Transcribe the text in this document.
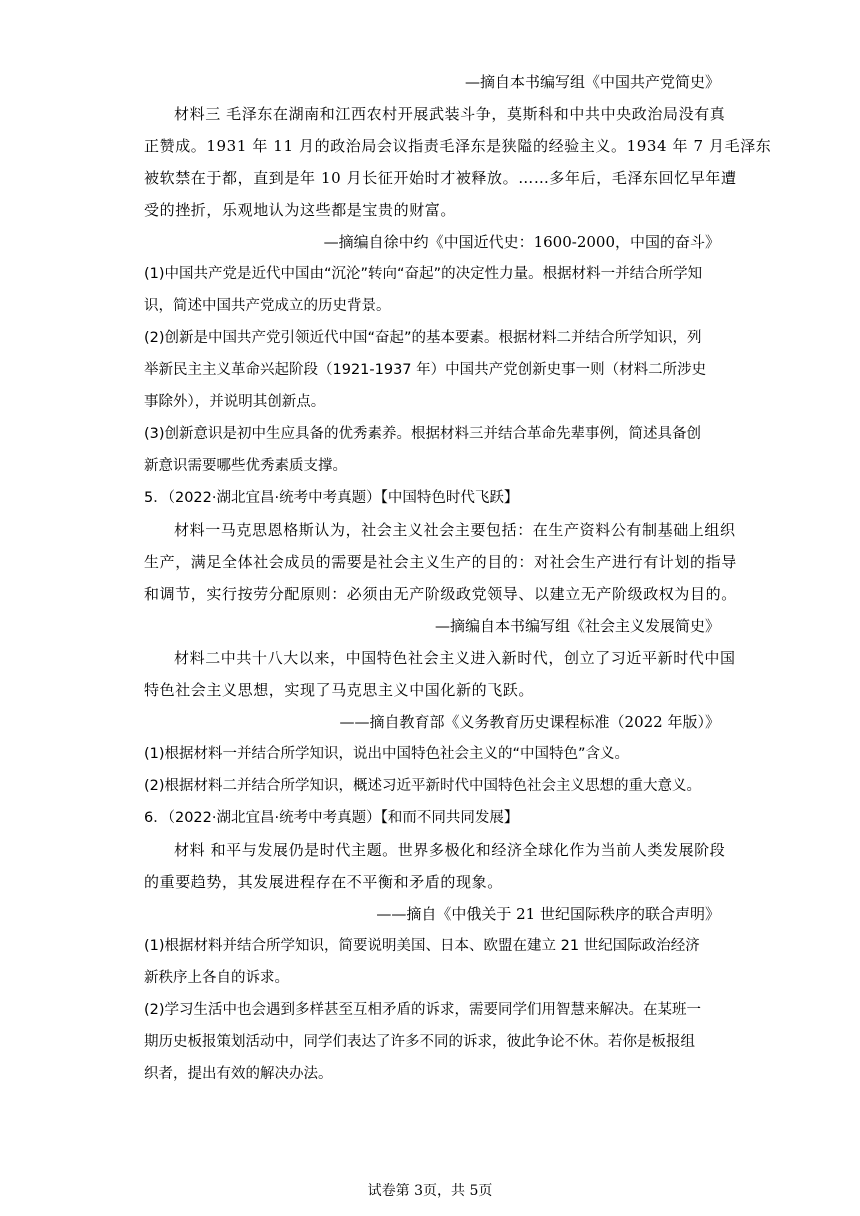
—摘自本书编写组《中国共产党简史》
材料三 毛泽东在湖南和江西农村开展武装斗争，莫斯科和中共中央政治局没有真
正赞成。1931 年 11 月的政治局会议指责毛泽东是狭隘的经验主义。1934 年 7 月毛泽东
被软禁在于都，直到是年 10 月长征开始时才被释放。……多年后，毛泽东回忆早年遭
受的挫折，乐观地认为这些都是宝贵的财富。
—摘编自徐中约《中国近代史：1600-2000，中国的奋斗》
(1)中国共产党是近代中国由“沉沦”转向“奋起”的决定性力量。根据材料一并结合所学知
识，简述中国共产党成立的历史背景。
(2)创新是中国共产党引领近代中国“奋起”的基本要素。根据材料二并结合所学知识，列
举新民主主义革命兴起阶段（1921-1937 年）中国共产党创新史事一则（材料二所涉史
事除外），并说明其创新点。
(3)创新意识是初中生应具备的优秀素养。根据材料三并结合革命先辈事例，简述具备创
新意识需要哪些优秀素质支撑。
5．（2022·湖北宜昌·统考中考真题）【中国特色时代飞跃】
材料一马克思恩格斯认为，社会主义社会主要包括：在生产资料公有制基础上组织
生产，满足全体社会成员的需要是社会主义生产的目的：对社会生产进行有计划的指导
和调节，实行按劳分配原则：必须由无产阶级政党领导、以建立无产阶级政权为目的。
—摘编自本书编写组《社会主义发展简史》
材料二中共十八大以来，中国特色社会主义进入新时代，创立了习近平新时代中国
特色社会主义思想，实现了马克思主义中国化新的飞跃。
——摘自教育部《义务教育历史课程标准（2022 年版）》
(1)根据材料一并结合所学知识，说出中国特色社会主义的“中国特色”含义。
(2)根据材料二并结合所学知识，概述习近平新时代中国特色社会主义思想的重大意义。
6．（2022·湖北宜昌·统考中考真题）【和而不同共同发展】
材料 和平与发展仍是时代主题。世界多极化和经济全球化作为当前人类发展阶段
的重要趋势，其发展进程存在不平衡和矛盾的现象。
——摘自《中俄关于 21 世纪国际秩序的联合声明》
(1)根据材料并结合所学知识，简要说明美国、日本、欧盟在建立 21 世纪国际政治经济
新秩序上各自的诉求。
(2)学习生活中也会遇到多样甚至互相矛盾的诉求，需要同学们用智慧来解决。在某班一
期历史板报策划活动中，同学们表达了许多不同的诉求，彼此争论不休。若你是板报组
织者，提出有效的解决办法。
试卷第 3页，共 5页
